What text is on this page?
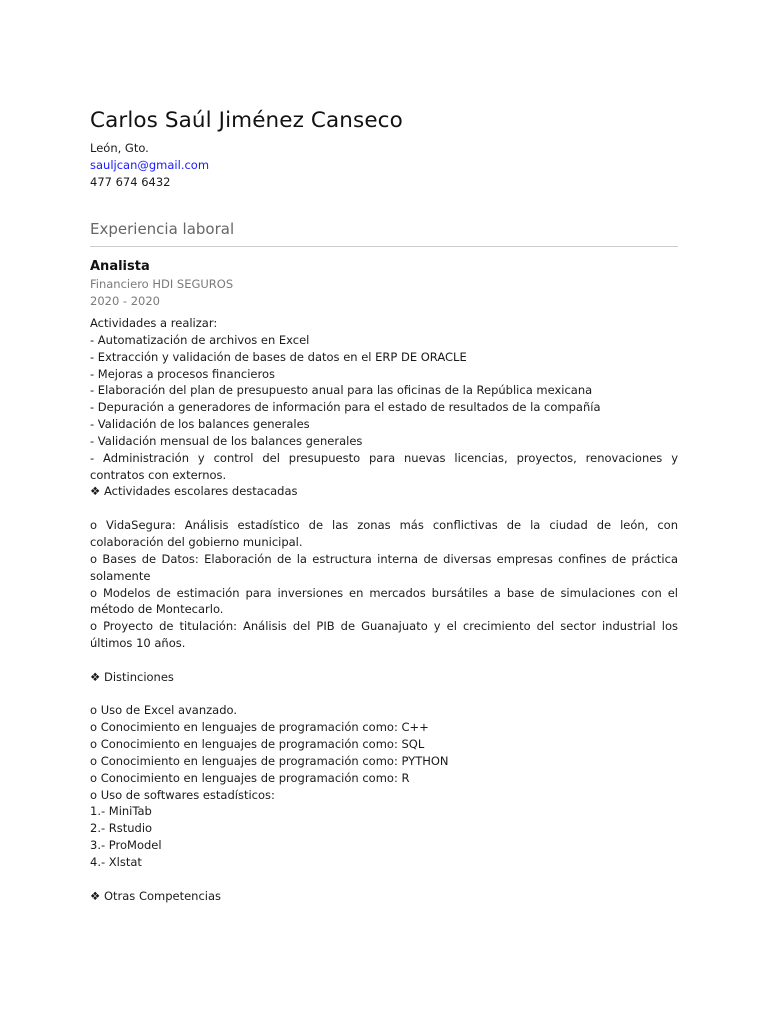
Carlos Saúl Jiménez Canseco
León, Gto.
sauljcan@gmail.com
477 674 6432
Experiencia laboral
Analista
Financiero HDI SEGUROS
2020 - 2020
Actividades a realizar:
- Automatización de archivos en Excel
- Extracción y validación de bases de datos en el ERP DE ORACLE
- Mejoras a procesos financieros
- Elaboración del plan de presupuesto anual para las oficinas de la República mexicana
- Depuración a generadores de información para el estado de resultados de la compañía
- Validación de los balances generales
- Validación mensual de los balances generales
- Administración y control del presupuesto para nuevas licencias, proyectos, renovaciones y contratos con externos.
❖ Actividades escolares destacadas
o VidaSegura: Análisis estadístico de las zonas más conflictivas de la ciudad de león, con colaboración del gobierno municipal.
o Bases de Datos: Elaboración de la estructura interna de diversas empresas confines de práctica solamente
o Modelos de estimación para inversiones en mercados bursátiles a base de simulaciones con el método de Montecarlo.
o Proyecto de titulación: Análisis del PIB de Guanajuato y el crecimiento del sector industrial los últimos 10 años.
❖ Distinciones
o Uso de Excel avanzado.
o Conocimiento en lenguajes de programación como: C++
o Conocimiento en lenguajes de programación como: SQL
o Conocimiento en lenguajes de programación como: PYTHON
o Conocimiento en lenguajes de programación como: R
o Uso de softwares estadísticos:
1.- MiniTab
2.- Rstudio
3.- ProModel
4.- Xlstat
❖ Otras Competencias
